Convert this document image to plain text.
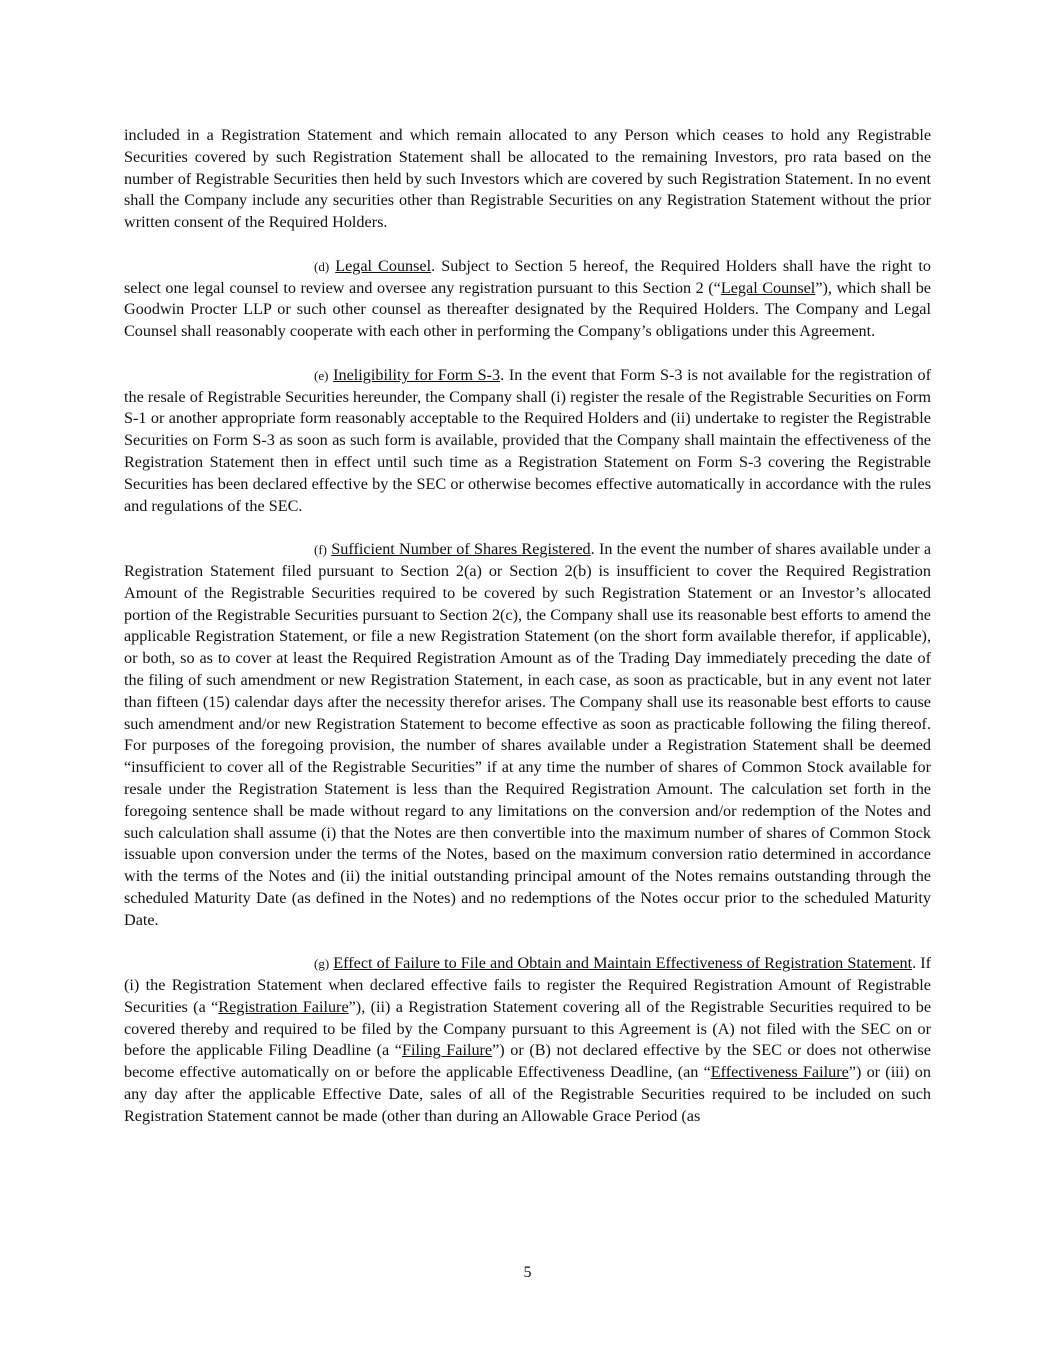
included in a Registration Statement and which remain allocated to any Person which ceases to hold any Registrable Securities covered by such Registration Statement shall be allocated to the remaining Investors, pro rata based on the number of Registrable Securities then held by such Investors which are covered by such Registration Statement. In no event shall the Company include any securities other than Registrable Securities on any Registration Statement without the prior written consent of the Required Holders.

(d) Legal Counsel. Subject to Section 5 hereof, the Required Holders shall have the right to select one legal counsel to review and oversee any registration pursuant to this Section 2 (“Legal Counsel”), which shall be Goodwin Procter LLP or such other counsel as thereafter designated by the Required Holders. The Company and Legal Counsel shall reasonably cooperate with each other in performing the Company’s obligations under this Agreement.

(e) Ineligibility for Form S-3. In the event that Form S-3 is not available for the registration of the resale of Registrable Securities hereunder, the Company shall (i) register the resale of the Registrable Securities on Form S-1 or another appropriate form reasonably acceptable to the Required Holders and (ii) undertake to register the Registrable Securities on Form S-3 as soon as such form is available, provided that the Company shall maintain the effectiveness of the Registration Statement then in effect until such time as a Registration Statement on Form S-3 covering the Registrable Securities has been declared effective by the SEC or otherwise becomes effective automatically in accordance with the rules and regulations of the SEC.

(f) Sufficient Number of Shares Registered. In the event the number of shares available under a Registration Statement filed pursuant to Section 2(a) or Section 2(b) is insufficient to cover the Required Registration Amount of the Registrable Securities required to be covered by such Registration Statement or an Investor’s allocated portion of the Registrable Securities pursuant to Section 2(c), the Company shall use its reasonable best efforts to amend the applicable Registration Statement, or file a new Registration Statement (on the short form available therefor, if applicable), or both, so as to cover at least the Required Registration Amount as of the Trading Day immediately preceding the date of the filing of such amendment or new Registration Statement, in each case, as soon as practicable, but in any event not later than fifteen (15) calendar days after the necessity therefor arises. The Company shall use its reasonable best efforts to cause such amendment and/or new Registration Statement to become effective as soon as practicable following the filing thereof. For purposes of the foregoing provision, the number of shares available under a Registration Statement shall be deemed “insufficient to cover all of the Registrable Securities” if at any time the number of shares of Common Stock available for resale under the Registration Statement is less than the Required Registration Amount. The calculation set forth in the foregoing sentence shall be made without regard to any limitations on the conversion and/or redemption of the Notes and such calculation shall assume (i) that the Notes are then convertible into the maximum number of shares of Common Stock issuable upon conversion under the terms of the Notes, based on the maximum conversion ratio determined in accordance with the terms of the Notes and (ii) the initial outstanding principal amount of the Notes remains outstanding through the scheduled Maturity Date (as defined in the Notes) and no redemptions of the Notes occur prior to the scheduled Maturity Date.

(g) Effect of Failure to File and Obtain and Maintain Effectiveness of Registration Statement. If (i) the Registration Statement when declared effective fails to register the Required Registration Amount of Registrable Securities (a “Registration Failure”), (ii) a Registration Statement covering all of the Registrable Securities required to be covered thereby and required to be filed by the Company pursuant to this Agreement is (A) not filed with the SEC on or before the applicable Filing Deadline (a “Filing Failure”) or (B) not declared effective by the SEC or does not otherwise become effective automatically on or before the applicable Effectiveness Deadline, (an “Effectiveness Failure”) or (iii) on any day after the applicable Effective Date, sales of all of the Registrable Securities required to be included on such Registration Statement cannot be made (other than during an Allowable Grace Period (as

5
